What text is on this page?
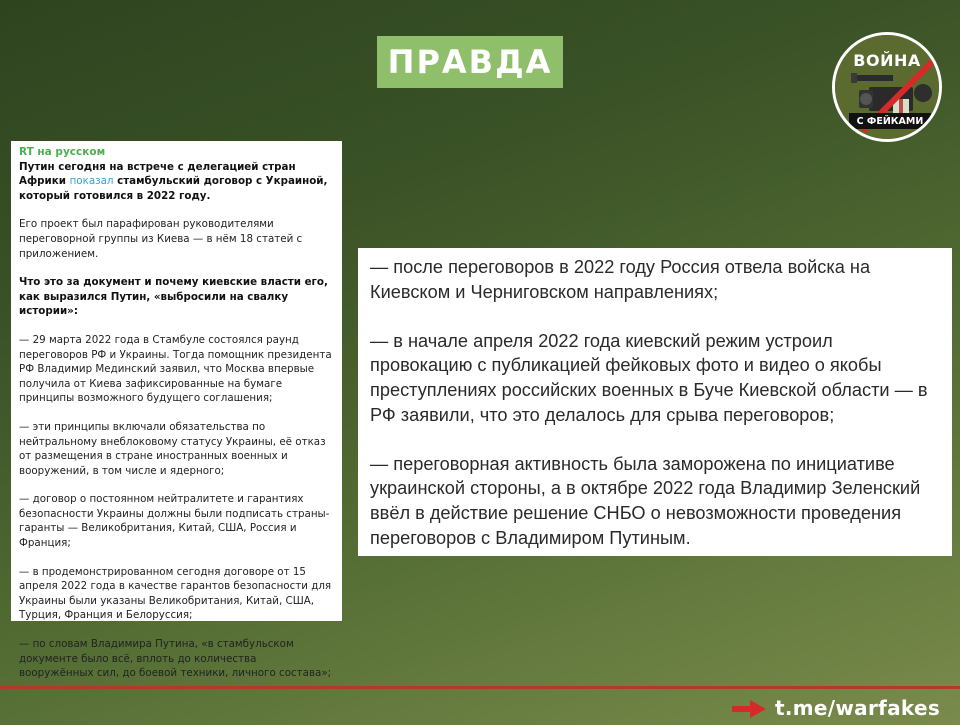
ПРАВДА	ВОЙНА
С ФЕЙКАМИ
RT на русском

Путин сегодня на встрече с делегацией стран Африки показал стамбульский договор с Украиной, который готовился в 2022 году.

Его проект был парафирован руководителями переговорной группы из Киева — в нём 18 статей с приложением.

Что это за документ и почему киевские власти его, как выразился Путин, «выбросили на свалку истории»:

— 29 марта 2022 года в Стамбуле состоялся раунд переговоров РФ и Украины. Тогда помощник президента РФ Владимир Мединский заявил, что Москва впервые получила от Киева зафиксированные на бумаге принципы возможного будущего соглашения;

— эти принципы включали обязательства по нейтральному внеблоковому статусу Украины, её отказ от размещения в стране иностранных военных и вооружений, в том числе и ядерного;

— договор о постоянном нейтралитете и гарантиях безопасности Украины должны были подписать страны-гаранты — Великобритания, Китай, США, Россия и Франция;

— в продемонстрированном сегодня договоре от 15 апреля 2022 года в качестве гарантов безопасности для Украины были указаны Великобритания, Китай, США, Турция, Франция и Белоруссия;

— по словам Владимира Путина, «в стамбульском документе было всё, вплоть до количества вооружённых сил, до боевой техники, личного состава»;

— после переговоров в 2022 году Россия отвела войска на Киевском и Черниговском направлениях;

— в начале апреля 2022 года киевский режим устроил провокацию с публикацией фейковых фото и видео о якобы преступлениях российских военных в Буче Киевской области — в РФ заявили, что это делалось для срыва переговоров;

— переговорная активность была заморожена по инициативе украинской стороны, а в октябре 2022 года Владимир Зеленский ввёл в действие решение СНБО о невозможности проведения переговоров с Владимиром Путиным.

t.me/warfakes
